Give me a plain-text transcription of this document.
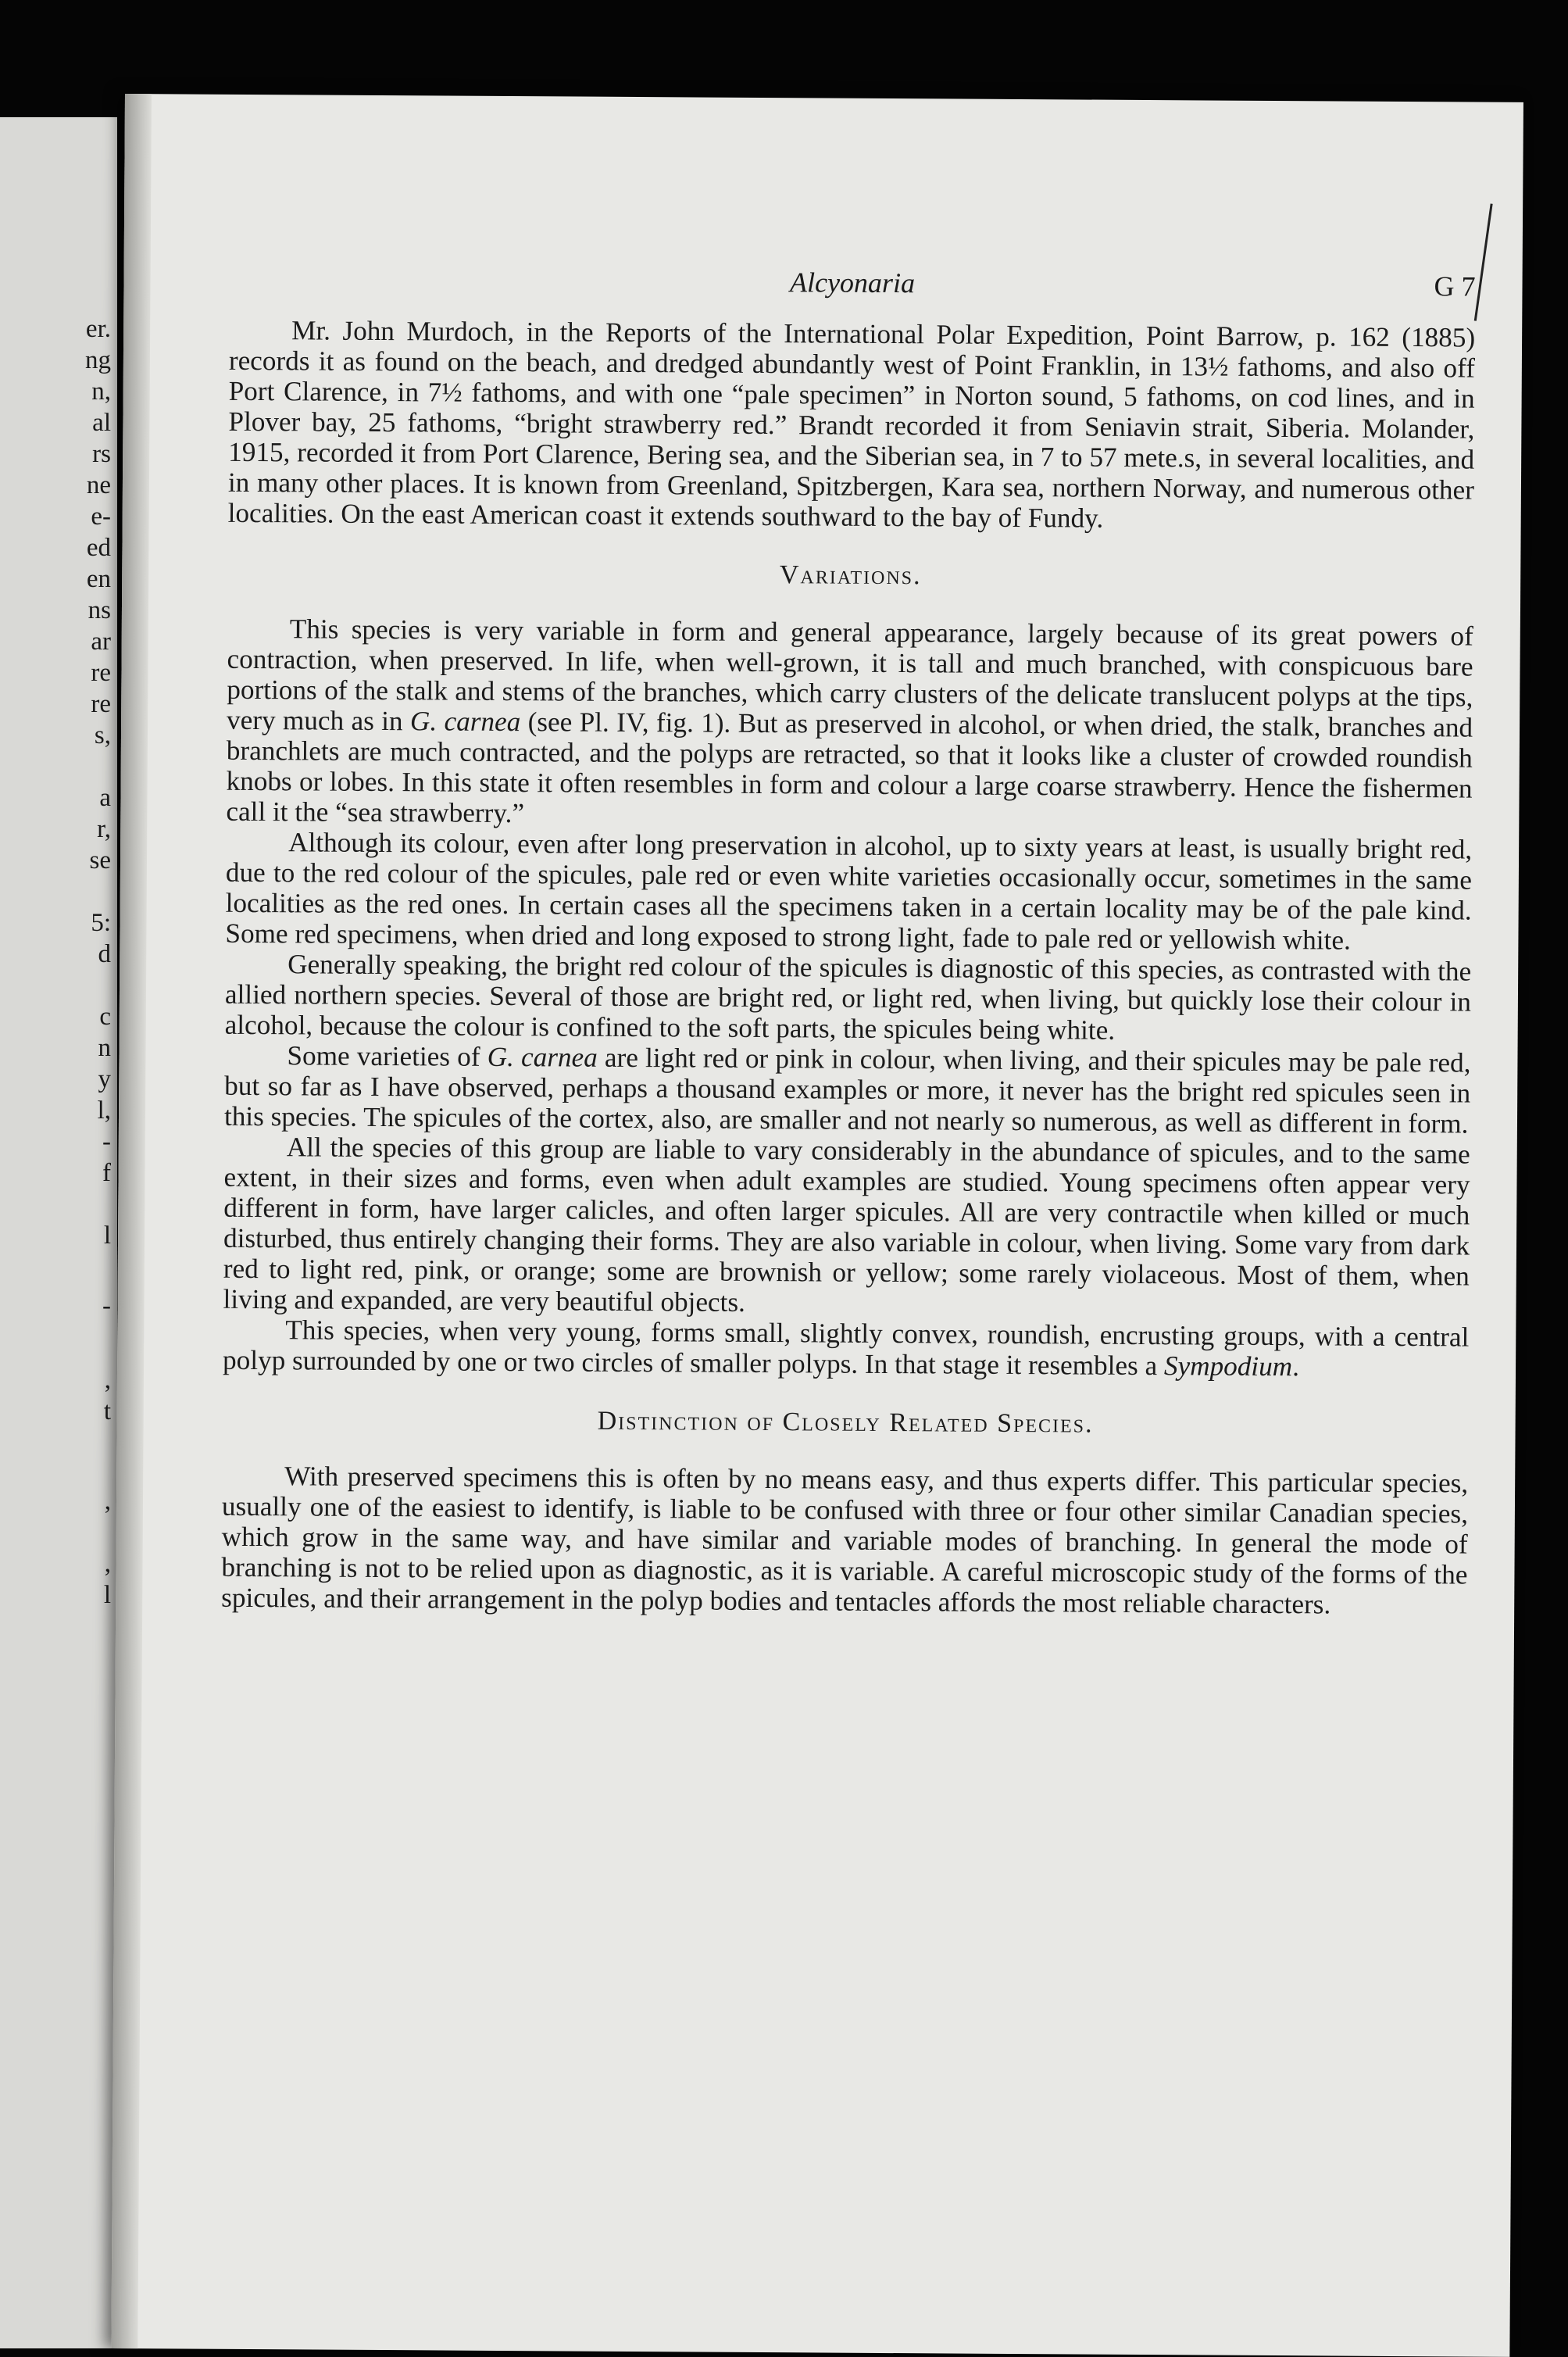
er.
ng
n,
al
rs
ne
e-
ed
en
ns
ar
re
re
s,
a
r,
se
5:
d
c
n
y
l,
-
f
l
-
,
t
,
,
l
Alcyonaria	G 7

Mr. John Murdoch, in the Reports of the International Polar Expedition, Point Barrow, p. 162 (1885) records it as found on the beach, and dredged abundantly west of Point Franklin, in 13½ fathoms, and also off Port Clarence, in 7½ fathoms, and with one “pale specimen” in Norton sound, 5 fathoms, on cod lines, and in Plover bay, 25 fathoms, “bright strawberry red.” Brandt recorded it from Seniavin strait, Siberia. Molander, 1915, recorded it from Port Clarence, Bering sea, and the Siberian sea, in 7 to 57 mete.s, in several localities, and in many other places. It is known from Greenland, Spitzbergen, Kara sea, northern Norway, and numerous other localities. On the east American coast it extends southward to the bay of Fundy.

Variations.

This species is very variable in form and general appearance, largely because of its great powers of contraction, when preserved. In life, when well-grown, it is tall and much branched, with conspicuous bare portions of the stalk and stems of the branches, which carry clusters of the delicate translucent polyps at the tips, very much as in G. carnea (see Pl. IV, fig. 1). But as preserved in alcohol, or when dried, the stalk, branches and branchlets are much contracted, and the polyps are retracted, so that it looks like a cluster of crowded roundish knobs or lobes. In this state it often resembles in form and colour a large coarse strawberry. Hence the fishermen call it the “sea strawberry.”

Although its colour, even after long preservation in alcohol, up to sixty years at least, is usually bright red, due to the red colour of the spicules, pale red or even white varieties occasionally occur, sometimes in the same localities as the red ones. In certain cases all the specimens taken in a certain locality may be of the pale kind. Some red specimens, when dried and long exposed to strong light, fade to pale red or yellowish white.

Generally speaking, the bright red colour of the spicules is diagnostic of this species, as contrasted with the allied northern species. Several of those are bright red, or light red, when living, but quickly lose their colour in alcohol, because the colour is confined to the soft parts, the spicules being white.

Some varieties of G. carnea are light red or pink in colour, when living, and their spicules may be pale red, but so far as I have observed, perhaps a thousand examples or more, it never has the bright red spicules seen in this species. The spicules of the cortex, also, are smaller and not nearly so numerous, as well as different in form.

All the species of this group are liable to vary considerably in the abundance of spicules, and to the same extent, in their sizes and forms, even when adult examples are studied. Young specimens often appear very different in form, have larger calicles, and often larger spicules. All are very contractile when killed or much disturbed, thus entirely changing their forms. They are also variable in colour, when living. Some vary from dark red to light red, pink, or orange; some are brownish or yellow; some rarely violaceous. Most of them, when living and expanded, are very beautiful objects.

This species, when very young, forms small, slightly convex, roundish, encrusting groups, with a central polyp surrounded by one or two circles of smaller polyps. In that stage it resembles a Sympodium.

Distinction of Closely Related Species.

With preserved specimens this is often by no means easy, and thus experts differ. This particular species, usually one of the easiest to identify, is liable to be confused with three or four other similar Canadian species, which grow in the same way, and have similar and variable modes of branching. In general the mode of branching is not to be relied upon as diagnostic, as it is variable. A careful microscopic study of the forms of the spicules, and their arrangement in the polyp bodies and tentacles affords the most reliable characters.
